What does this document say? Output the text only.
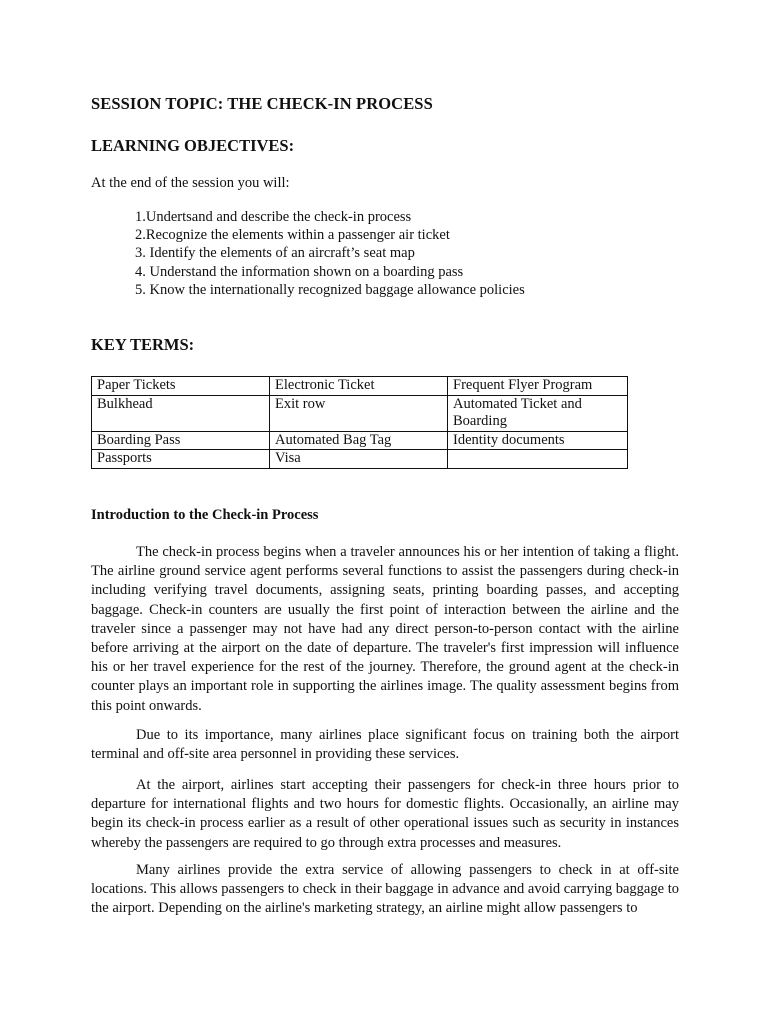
SESSION TOPIC: THE CHECK-IN PROCESS
LEARNING OBJECTIVES:

At the end of the session you will:

1.Undertsand and describe the check-in process
2.Recognize the elements within a passenger air ticket
3. Identify the elements of an aircraft’s seat map
4. Understand the information shown on a boarding pass
5. Know the internationally recognized baggage allowance policies
KEY TERMS:
Paper Tickets	Electronic Ticket	Frequent Flyer Program
Bulkhead	Exit row	Automated Ticket and Boarding
Boarding Pass	Automated Bag Tag	Identity documents
Passports	Visa	
Introduction to the Check-in Process

The check-in process begins when a traveler announces his or her intention of taking a flight. The airline ground service agent performs several functions to assist the passengers during check-in including verifying travel documents, assigning seats, printing boarding passes, and accepting baggage. Check-in counters are usually the first point of interaction between the airline and the traveler since a passenger may not have had any direct person-to-person contact with the airline before arriving at the airport on the date of departure. The traveler's first impression will influence his or her travel experience for the rest of the journey. Therefore, the ground agent at the check-in counter plays an important role in supporting the airlines image. The quality assessment begins from this point onwards.

Due to its importance, many airlines place significant focus on training both the airport terminal and off-site area personnel in providing these services.

At the airport, airlines start accepting their passengers for check-in three hours prior to departure for international flights and two hours for domestic flights. Occasionally, an airline may begin its check-in process earlier as a result of other operational issues such as security in instances whereby the passengers are required to go through extra processes and measures.

Many airlines provide the extra service of allowing passengers to check in at off-site locations. This allows passengers to check in their baggage in advance and avoid carrying baggage to the airport. Depending on the airline's marketing strategy, an airline might allow passengers to
